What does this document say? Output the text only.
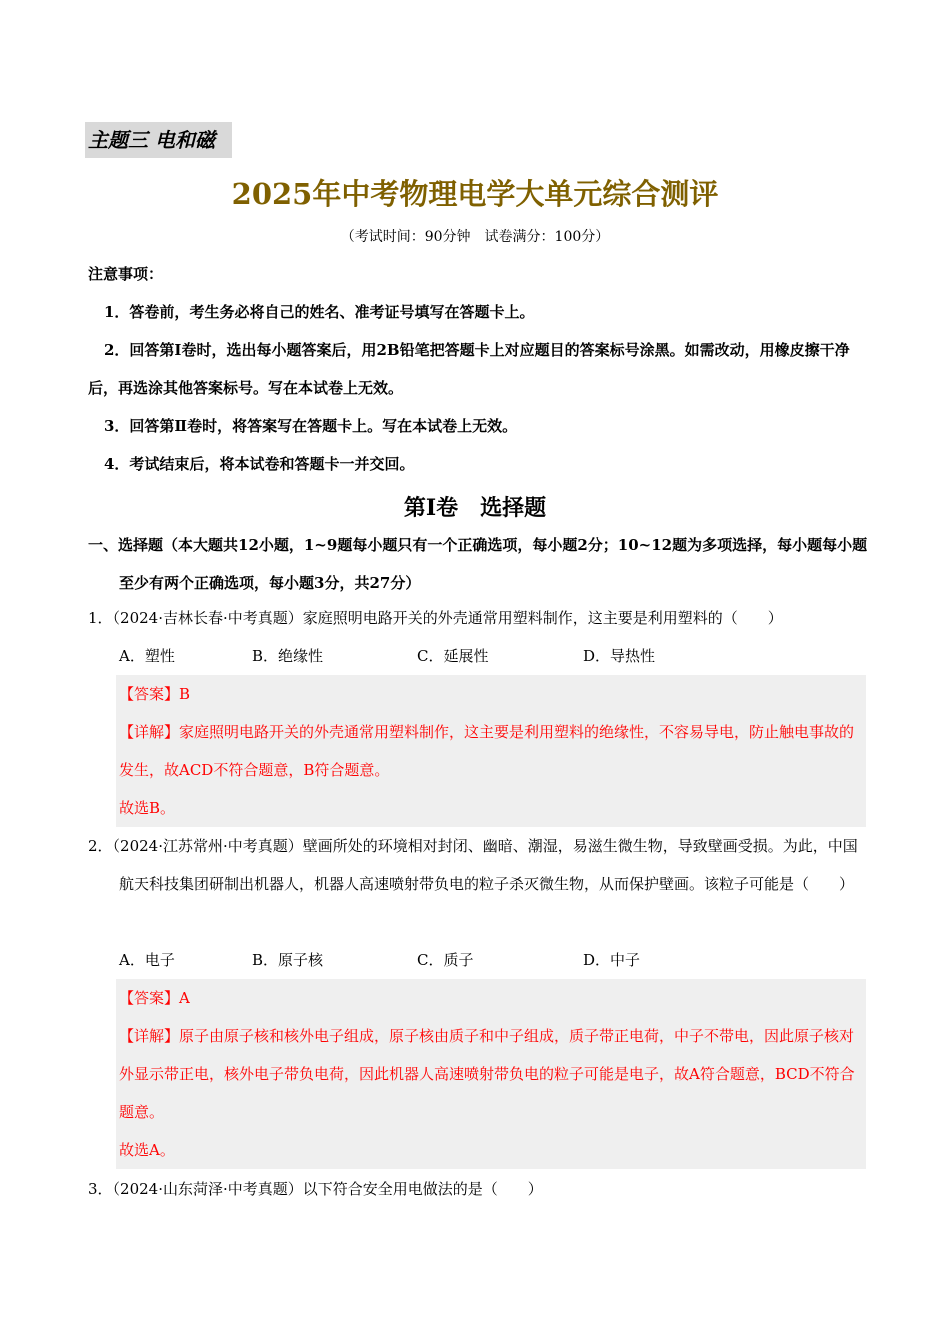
主题三 电和磁
2025年中考物理电学大单元综合测评
（考试时间：90分钟　试卷满分：100分）
注意事项：
1．答卷前，考生务必将自己的姓名、准考证号填写在答题卡上。
2．回答第Ⅰ卷时，选出每小题答案后，用2B铅笔把答题卡上对应题目的答案标号涂黑。如需改动，用橡皮擦干净后，再选涂其他答案标号。写在本试卷上无效。
3．回答第Ⅱ卷时，将答案写在答题卡上。写在本试卷上无效。
4．考试结束后，将本试卷和答题卡一并交回。
第Ⅰ卷　选择题
一、选择题（本大题共12小题，1~9题每小题只有一个正确选项，每小题2分；10~12题为多项选择，每小题每小题至少有两个正确选项，每小题3分，共27分）
1．（2024·吉林长春·中考真题）家庭照明电路开关的外壳通常用塑料制作，这主要是利用塑料的（　　）
A．塑性	B．绝缘性	C．延展性	D．导热性
【答案】B
【详解】家庭照明电路开关的外壳通常用塑料制作，这主要是利用塑料的绝缘性，不容易导电，防止触电事故的发生，故ACD不符合题意，B符合题意。
故选B。
2．（2024·江苏常州·中考真题）壁画所处的环境相对封闭、幽暗、潮湿，易滋生微生物，导致壁画受损。为此，中国航天科技集团研制出机器人，机器人高速喷射带负电的粒子杀灭微生物，从而保护壁画。该粒子可能是（　　）
A．电子	B．原子核	C．质子	D．中子
【答案】A
【详解】原子由原子核和核外电子组成，原子核由质子和中子组成，质子带正电荷，中子不带电，因此原子核对外显示带正电，核外电子带负电荷，因此机器人高速喷射带负电的粒子可能是电子，故A符合题意，BCD不符合题意。
故选A。
3．（2024·山东菏泽·中考真题）以下符合安全用电做法的是（　　）
